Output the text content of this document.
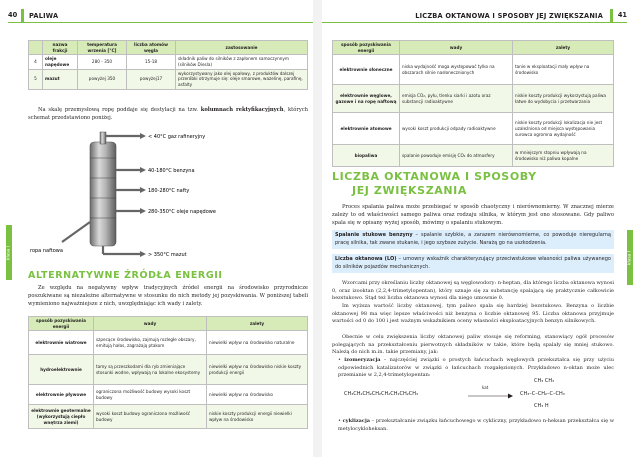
40 PALIWA
klasa I
	nazwa frakcji	temperatura wrzenia [°C]	liczba atomów węgla	zastosowanie
4	oleje napędowe	280 - 350	15-18	składnik paliw do silników z zapłonem samoczynnym (silników Diesla)
5	mazut	powyżej 350	powyżej17	wykorzystywany jako olej opałowy, z produktów dalszej przeróbki otrzymuje się: oleje smarowe, wazelinę, parafinę, asfalty
Na skalę przemysłową ropę poddaje się destylacji na tzw. kolumnach rektyfikacyjnych, których schemat przedstawiono poniżej.
< 40°C gaz rafineryjny
40-180°C benzyna
180-280°C nafty
280-350°C oleje napędowe
> 350°C mazut
ropa naftowa
ALTERNATYWNE ŹRÓDŁA ENERGII
Ze względu na negatywny wpływ tradycyjnych źródeł energii na środowisko przyrodnicze poszukiwane są niezależne alternatywne w stosunku do nich metody jej pozyskiwania. W poniższej tabeli wymieniono najważniejsze z nich, uwzględniając ich wady i zalety.
sposób pozyskiwania energii	wady	zalety
elektrownie wiatrowe	szpecące środowisko, zajmują rozległe obszary, emitują hałas, zagrażają ptakom	niewielki wpływ na środowisko naturalne
hydroelektrownie	tamy są przeszkodami dla ryb zmieniające stosunki wodne, wpływają na lokalne ekosystemy	niewielki wpływ na środowisko niskie koszty produkcji energii
elektrownie pływowe	ograniczona możliwość budowy wysoki koszt budowy	niewielki wpływ na środowisko
elektrownie geotermalne (wykorzystują ciepło wnętrza ziemi)	wysoki koszt budowy ograniczona możliwość budowy	niskie koszty produkcji energii niewielki wpływ na środowisko
LICZBA OKTANOWA I SPOSOBY JEJ ZWIĘKSZANIA 41
klasa I
sposób pozyskiwania energii	wady	zalety
elektrownie słoneczne	niska wydajność moga występować tylko na obszarach silnie nasłonecznionych	tanie w eksploatacji mały wpływ na środowisko
elektrownie węglowe, gazowe i na ropę naftową	emisja CO₂, pyłu, tlenku siarki i azotu oraz substancji radioaktywne	niskie koszty produkcji wykorzystują paliwa łatwe do wydobycia i przetwarzania
elektrownie atomowe	wysoki koszt produkcji odpady radioaktywne	niskie koszty produkcji lokalizacja nie jest uzależniona od miejsca występowania surowca ogromna wydajność
biopaliwa	spalanie powoduje emisję CO₂ do atmosfery	w mniejszym stopniu wpływają na środowisko niż paliwa kopalne
LICZBA OKTANOWA I SPOSOBY
JEJ ZWIĘKSZANIA
Proces spalania paliwa może przebiegać w sposób chaotyczny i nierównomierny. W znacznej mierze zależy to od właściwości samego paliwa oraz rodzaju silnika, w którym jest ono stosowane. Gdy paliwo spala się w opisany wyżej sposób, mówimy o spalaniu stukowym.
Spalanie stukowe benzyny – spalanie szybkie, a zarazem nierównomierne, co powoduje nieregularną pracę silnika, tak zwane stukanie, i jego szybsze zużycie. Narażą go na uszkodzenia.
Liczba oktanowa (LO) – umowny wskaźnik charakteryzujący przeciwstukowe własności paliwa używanego do silników pojazdów mechanicznych.
Wzorcami przy określaniu liczby oktanowej są węglowodory: n-heptan, dla którego liczba oktanowa wynosi 0, oraz izooktan (2,2,4-trimetylopentan), który uznaje się za substancję spalającą się praktycznie całkowicie bezstukowo. Stąd też liczba oktanowa wynosi dla niego umownie 0.
Im wyższa wartość liczby oktanowej, tym paliwo spala się bardziej bezstukowo. Benzyna o liczbie oktanowej 98 ma więc lepsze właściwości niż benzyna o liczbie oktanowej 95. Liczba oktanowa przyjmuje wartości od 0 do 100 i jest ważnym wskaźnikiem oceny własności eksploatacyjnych benzyn silnikowych.
Obecnie w celu zwiększenia liczby oktanowej paliw stosuje się reforming, stanowiący ogół procesów polegających na przekształceniu pierwotnych składników w takie, które będą spalały się mniej stukowo. Należą do nich m.in. takie przemiany, jak:
• izomeryzacja – najczęściej związki o prostych łańcuchach węglowych przekształca się przy użyciu odpowiednich katalizatorów w związki o łańcuchach rozgałęzionych. Przykładowo n-oktan może ulec przemianie w 2,2,4-trimetylopentan:
CH₃CH₂CH₂CH₂CH₂CH₂CH₂CH₃
kat
CH₃ CH₃
CH₃–C–CH₂–C–CH₃
CH₃ H
• cyklizacja – przekształcanie związku łańcuchowego w cykliczny, przykładowo n-heksan przekształca się w metylocykloheksan.
